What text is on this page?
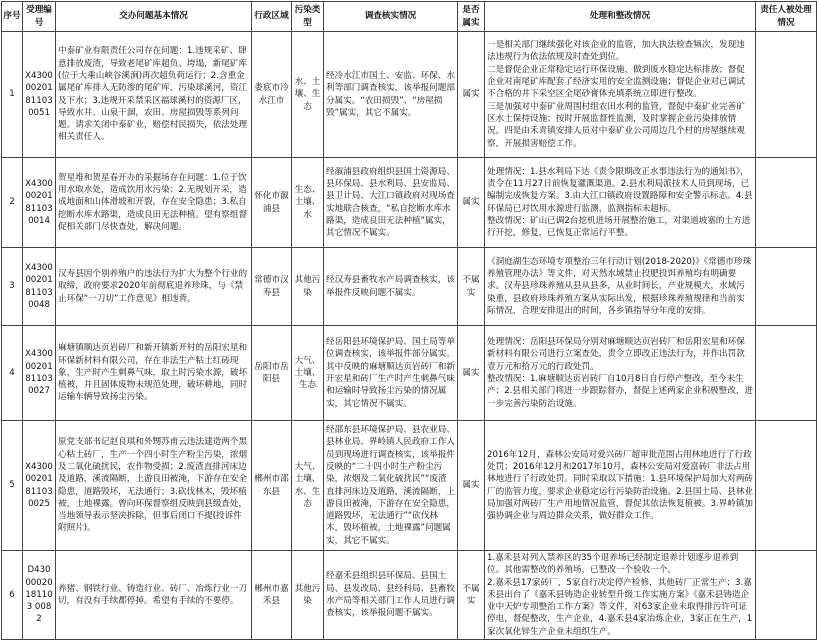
序号	受理编号	交办问题基本情况	行政区域	污染类型	调查核实情况	是否属实	处理和整改情况	责任人被处理情况
1	X43000020181103 0051	中泰矿业有限责任公司存在问题：1.违规采矿、肆意排放废渣，导致老尾矿库超负、垮塌，新尾矿库(位于大乘山峡谷溪涧)再次超负荷运行；2.含重金属尾矿库排入无防渗的尾矿库，污染球溪河，资江及下水；3.违规开采禁采区福球溪村的资源厂区，导致水井、山泉干涸，农田、房屋损毁等系列问题。请求关闭中泰矿业，赔偿村民损失，依法处理相关责任人。	娄底市冷水江市	水、土壤、生态	经冷水江市国土、安监、环保、水利等部门调查核实，该举报问题部分属实。“农田损毁”、“房屋损毁”属实，其它不属实。	属实	一是相关部门继续强化对该企业的监管，加大执法检查频次，发现违法违规行为依法依规及时查处到位。
二是督促企业正常稳定运行环保设施，做到废水稳定达标排放；督促企业对南尾矿库配套了经济实用的安全监测设施；督促企业对已调试不合格的井下采空区全尾砂膏体充填系统立即进行整改。
三是加强对中泰矿业周围村组农田水利的监管，督促中泰矿业完善矿区水土保持设施；按时开展监督性监测，及时掌握企业污染排放情况。四是由禾青镇安排人员对中泰矿业公司周边几个村的房屋继续观察，开展损害赔偿工作。	
2	X43000020181103 0014	贺星堆和贺星春开办的采掘场存在问题：1.位于饮用水取水处，造成饮用水污染；2.无规划开采，造成地面和山体滑坡和开裂，存在安全隐患；3.私自挖断水库水路渠，造成良田无法种植。望有察组督促相关部门尽快查处，解决问题。	怀化市溆浦县	生态、土壤、水	经溆浦县政府组织县国土资源局、县环保局、县水利局、县安监局、县卫计局、大江口镇政府对现场查实地联合核查，“私自挖断水库水路渠，造成良田无法种植”属实，其它情况不属实。	属实	处理情况：1.县水利局下达《责令限期改正水事违法行为的通知书》，责令在11月27日前恢复灌溉渠道。2.县水利局派技术人员到现场，已编制完成恢复方案。3.由大江口镇政府设置路障和安全警示标志。4.县环保局已对饮用水源进行监测，监测指标未超标。
整改情况：矿山已调2台挖机进场开展整治施工，对渠道坡塞的土方进行开挖，修复，已恢复正常运行平整。	
3	X43000020181103 0048	汉寿县因个别养殖户的违法行为扩大为整个行业的取缔，政府要求2020年前彻底退养珍珠，与《禁止环保“一刀切”工作意见》相违背。	常德市汉寿县	其他污染	经汉寿县畜牧水产局调查核实，该举报件反映问题不属实。	不属实	《洞庭湖生态环境专项整治三年行动计划(2018-2020)》《常德市珍珠养殖管理办法》等文件，对天然水域禁止投肥投饵养殖均有明确要求。汉寿县珍珠养殖从县从县多，从业时间长，产业规模大，水域污染重，县政府珍珠养殖方案从实际出发，根据珍珠养殖规律和当前实际情况，合理安排退出的时间，各乡镇指导分年度的安排。	
4	X43000020181103 0027	麻塘镇顺达页岩砖厂和新开镇新开村的岳阳宏星和环保新材料有限公司，存在非法生产粘土红砖现象，生产时产生刺鼻气味，取土时污染水源，破坏植被，并且固体废物未规范处理，破坏耕地，同时运输车辆导致扬尘污染。	岳阳市岳阳县	大气、土壤、生态	经岳阳县环境保护局、国土局等单位调查核实，该举报件部分属实。其中反映的麻塘顺达页岩砖厂和新开宏星和砖厂生产时产生刺鼻气味和运输时导致扬尘污染的情况属实，其它情况不属实。	属实	处理情况：岳阳县环保局分别对麻塘顺达页岩砖厂和岳阳宏星和环保新材料有限公司进行立案查处，责令立即改正违法行为，并作出罚款壹万元和拾万元的行政处罚。
整改情况：1.麻塘顺达页岩砖厂自10月8日自行停产整改，至今未生产；2.县相关部门将进一步跟踪督办，督促上述两家企业积极整改，进一步完善污染防治设施。	
5	X43000020181103 0025	原党支部书记赵良琪和外甥苏甫云违法建造两个黑心粘土砖厂，生产一个四小时生产粉尘污染，浓烟及二氧化硫扰民，农作物受损；2.废渣直排河床边及道路，溪流隔断，上游良田被淹，下游存在安全隐患，道路毁坏，无法通行；3.砍伐林木，毁坏植被，土地裸露。曾向环保督察组反映到县级查处，当地领导表示坚决拆除，但事后闭口不提(投诉件附照片)。	郴州市邵东县	大气、土壤、水、生态	经邵东县环境保护局、县农业局、县林业局、界岭镇人民政府工作人员到现场进行调查核实，该举报件反映的“二十四小时生产粉尘污染，浓烟及二氧化硫扰民”“废渣直排河床边及道路，溪流隔断，上游良田被淹，下游存在安全隐患，道路毁坏，无法通行”“砍伐林木，毁坏植被，土地裸露”问题属实，其它不属实。	属实	2016年12月，森林公安局对爱兴砖厂超审批范围占用林地进行了行政处罚；2016年12月和2017年10月，森林公安局对爱富砖厂非法占用林地进行了行政处罚。同时采取以下措施：1.县环境保护局加大对两砖厂的监管力度，要求企业稳定运行污染防治设施。2.县国土局、县林业局加强对两砖厂生产用地情况监管，督促其依法恢复植被。3.界岭镇加强协调企业与周边群众关系，做好群众工作。	
6	D43000020181103 0082	养猪、钢铁行业、铸造行业、砖厂、冶炼行业一刀切，有没有手续都停掉。希望有手续的不要停。	郴州市嘉禾县	其他污染	经嘉禾县组织县环保局、县国土局、县发改局、县经科局、县畜牧水产局等相关部门工作人员进行调查核实，该举报问题不属实。	不属实	1.嘉禾县对列入禁养区的35个退养场已经制定退养计划逐步退养到位。其他需整改的养殖场，已整改一个验收一个。
2.嘉禾县17家砖厂，5家自行决定停产检修，其他砖厂正常生产；3.嘉禾县出台了《嘉禾县铸造企业转型升级工作实施方案》《嘉禾县铸造企业中天炉专项整治工作方案》等文件，对63家企业未取得排污许可证停电，督促整改，生产企业，4.嘉禾县4家冶炼企业，3家正在生产，1家次氧化锌生产企业未组织生产。	
